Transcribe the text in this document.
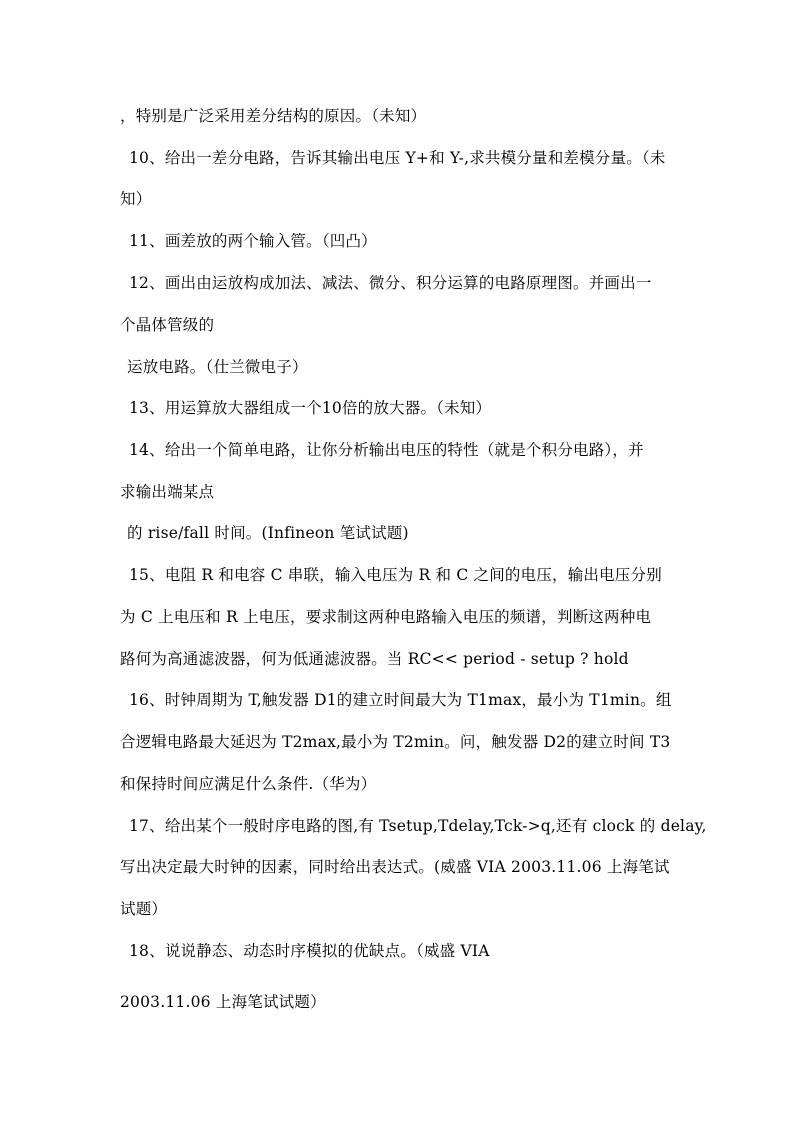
，特别是广泛采用差分结构的原因。（未知）
10、给出一差分电路，告诉其输出电压 Y+和 Y-,求共模分量和差模分量。（未
知）
11、画差放的两个输入管。（凹凸）
12、画出由运放构成加法、减法、微分、积分运算的电路原理图。并画出一
个晶体管级的
运放电路。（仕兰微电子）
13、用运算放大器组成一个10倍的放大器。（未知）
14、给出一个简单电路，让你分析输出电压的特性（就是个积分电路），并
求输出端某点
的 rise/fall 时间。(Infineon 笔试试题)
15、电阻 R 和电容 C 串联，输入电压为 R 和 C 之间的电压，输出电压分别
为 C 上电压和 R 上电压，要求制这两种电路输入电压的频谱，判断这两种电
路何为高通滤波器，何为低通滤波器。当 RC<< period - setup ? hold
16、时钟周期为 T,触发器 D1的建立时间最大为 T1max，最小为 T1min。组
合逻辑电路最大延迟为 T2max,最小为 T2min。问，触发器 D2的建立时间 T3
和保持时间应满足什么条件.（华为）
17、给出某个一般时序电路的图,有 Tsetup,Tdelay,Tck->q,还有 clock 的 delay,
写出决定最大时钟的因素，同时给出表达式。(威盛 VIA 2003.11.06 上海笔试
试题）
18、说说静态、动态时序模拟的优缺点。（威盛 VIA
2003.11.06 上海笔试试题）
